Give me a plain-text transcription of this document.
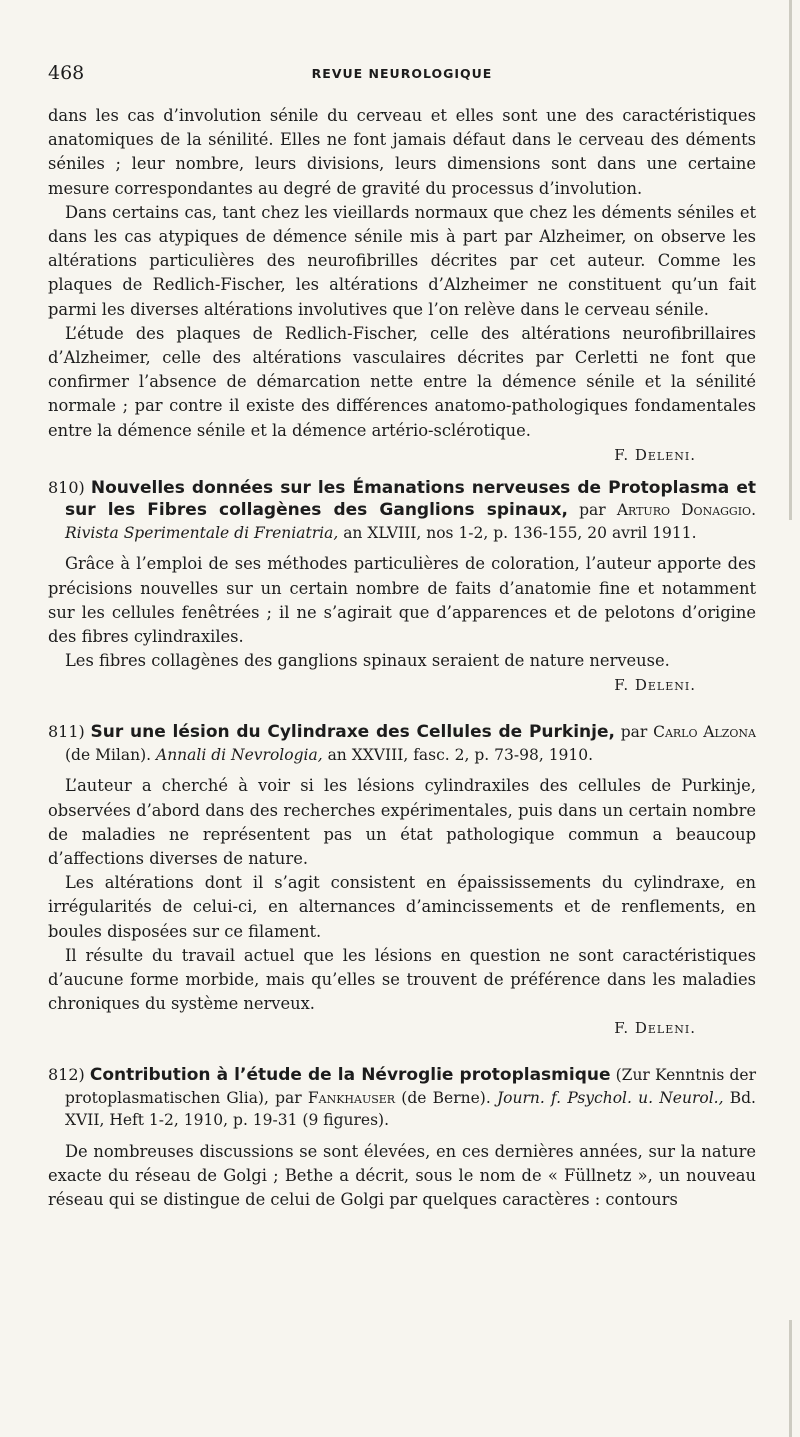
468	REVUE NEUROLOGIQUE

dans les cas d’involution sénile du cerveau et elles sont une des caractéristiques anatomiques de la sénilité. Elles ne font jamais défaut dans le cerveau des déments séniles ; leur nombre, leurs divisions, leurs dimensions sont dans une certaine mesure correspondantes au degré de gravité du processus d’involution.

Dans certains cas, tant chez les vieillards normaux que chez les déments séniles et dans les cas atypiques de démence sénile mis à part par Alzheimer, on observe les altérations particulières des neurofibrilles décrites par cet auteur. Comme les plaques de Redlich-Fischer, les altérations d’Alzheimer ne constituent qu’un fait parmi les diverses altérations involutives que l’on relève dans le cerveau sénile.

L’étude des plaques de Redlich-Fischer, celle des altérations neurofibrillaires d’Alzheimer, celle des altérations vasculaires décrites par Cerletti ne font que confirmer l’absence de démarcation nette entre la démence sénile et la sénilité normale ; par contre il existe des différences anatomo-pathologiques fondamentales entre la démence sénile et la démence artério-sclérotique.

F. Deleni.

810) Nouvelles données sur les Émanations nerveuses de Protoplasma et sur les Fibres collagènes des Ganglions spinaux, par Arturo Donaggio. Rivista Sperimentale di Freniatria, an XLVIII, nos 1-2, p. 136-155, 20 avril 1911.

Grâce à l’emploi de ses méthodes particulières de coloration, l’auteur apporte des précisions nouvelles sur un certain nombre de faits d’anatomie fine et notamment sur les cellules fenêtrées ; il ne s’agirait que d’apparences et de pelotons d’origine des fibres cylindraxiles.

Les fibres collagènes des ganglions spinaux seraient de nature nerveuse.

F. Deleni.

811) Sur une lésion du Cylindraxe des Cellules de Purkinje, par Carlo Alzona (de Milan). Annali di Nevrologia, an XXVIII, fasc. 2, p. 73-98, 1910.

L’auteur a cherché à voir si les lésions cylindraxiles des cellules de Purkinje, observées d’abord dans des recherches expérimentales, puis dans un certain nombre de maladies ne représentent pas un état pathologique commun a beaucoup d’affections diverses de nature.

Les altérations dont il s’agit consistent en épaississements du cylindraxe, en irrégularités de celui-ci, en alternances d’amincissements et de renflements, en boules disposées sur ce filament.

Il résulte du travail actuel que les lésions en question ne sont caractéristiques d’aucune forme morbide, mais qu’elles se trouvent de préférence dans les maladies chroniques du système nerveux.

F. Deleni.

812) Contribution à l’étude de la Névroglie protoplasmique (Zur Kenntnis der protoplasmatischen Glia), par Fankhauser (de Berne). Journ. f. Psychol. u. Neurol., Bd. XVII, Heft 1-2, 1910, p. 19-31 (9 figures).

De nombreuses discussions se sont élevées, en ces dernières années, sur la nature exacte du réseau de Golgi ; Bethe a décrit, sous le nom de « Füllnetz », un nouveau réseau qui se distingue de celui de Golgi par quelques caractères : contours
